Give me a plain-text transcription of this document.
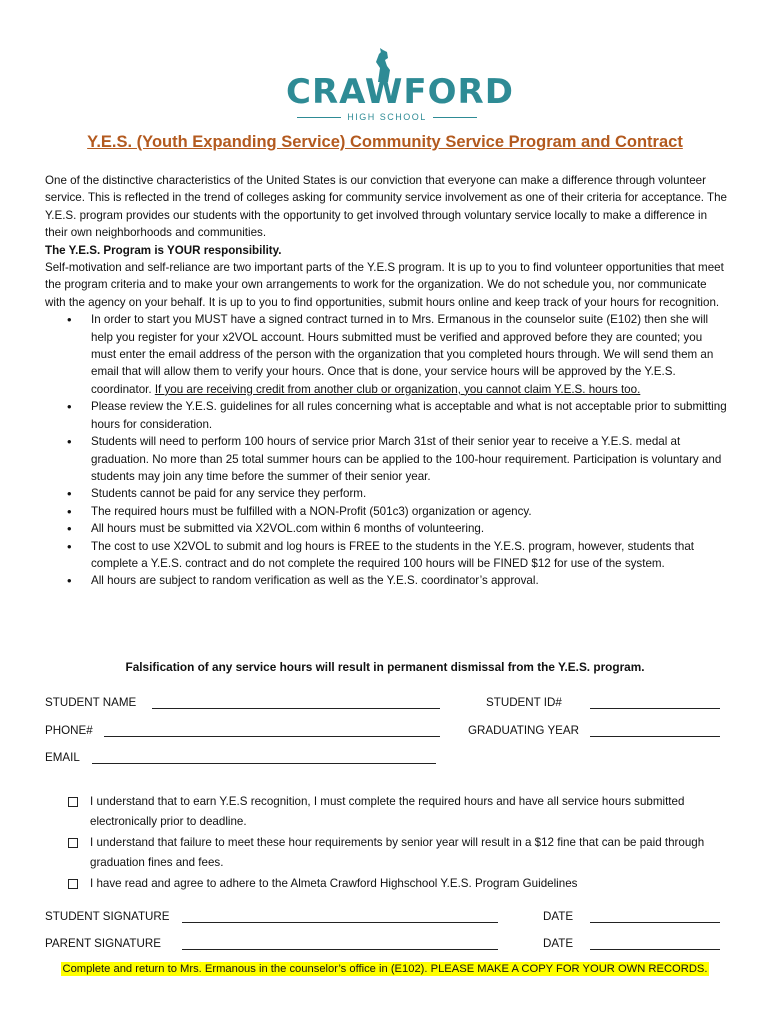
CRAWFORD
HIGH SCHOOL
Y.E.S. (Youth Expanding Service) Community Service Program and Contract

One of the distinctive characteristics of the United States is our conviction that everyone can make a difference through volunteer service. This is reflected in the trend of colleges asking for community service involvement as one of their criteria for acceptance. The Y.E.S. program provides our students with the opportunity to get involved through voluntary service locally to make a difference in their own neighborhoods and communities.

The Y.E.S. Program is YOUR responsibility.

Self-motivation and self-reliance are two important parts of the Y.E.S program. It is up to you to find volunteer opportunities that meet the program criteria and to make your own arrangements to work for the organization. We do not schedule you, nor communicate with the agency on your behalf. It is up to you to find opportunities, submit hours online and keep track of your hours for recognition.

• In order to start you MUST have a signed contract turned in to Mrs. Ermanous in the counselor suite (E102) then she will help you register for your x2VOL account. Hours submitted must be verified and approved before they are counted; you must enter the email address of the person with the organization that you completed hours through. We will send them an email that will allow them to verify your hours. Once that is done, your service hours will be approved by the Y.E.S. coordinator. If you are receiving credit from another club or organization, you cannot claim Y.E.S. hours too.
• Please review the Y.E.S. guidelines for all rules concerning what is acceptable and what is not acceptable prior to submitting hours for consideration.
• Students will need to perform 100 hours of service prior March 31st of their senior year to receive a Y.E.S. medal at graduation. No more than 25 total summer hours can be applied to the 100-hour requirement. Participation is voluntary and students may join any time before the summer of their senior year.
• Students cannot be paid for any service they perform.
• The required hours must be fulfilled with a NON-Profit (501c3) organization or agency.
• All hours must be submitted via X2VOL.com within 6 months of volunteering.
• The cost to use X2VOL to submit and log hours is FREE to the students in the Y.E.S. program, however, students that complete a Y.E.S. contract and do not complete the required 100 hours will be FINED $12 for use of the system.
• All hours are subject to random verification as well as the Y.E.S. coordinator’s approval.
Falsification of any service hours will result in permanent dismissal from the Y.E.S. program.
STUDENT NAME	STUDENT ID#
PHONE#	GRADUATING YEAR
EMAIL
I understand that to earn Y.E.S recognition, I must complete the required hours and have all service hours submitted electronically prior to deadline.
I understand that failure to meet these hour requirements by senior year will result in a $12 fine that can be paid through graduation fines and fees.
I have read and agree to adhere to the Almeta Crawford Highschool Y.E.S. Program Guidelines
STUDENT SIGNATURE	DATE
PARENT SIGNATURE	DATE
Complete and return to Mrs. Ermanous in the counselor’s office in (E102). PLEASE MAKE A COPY FOR YOUR OWN RECORDS.
